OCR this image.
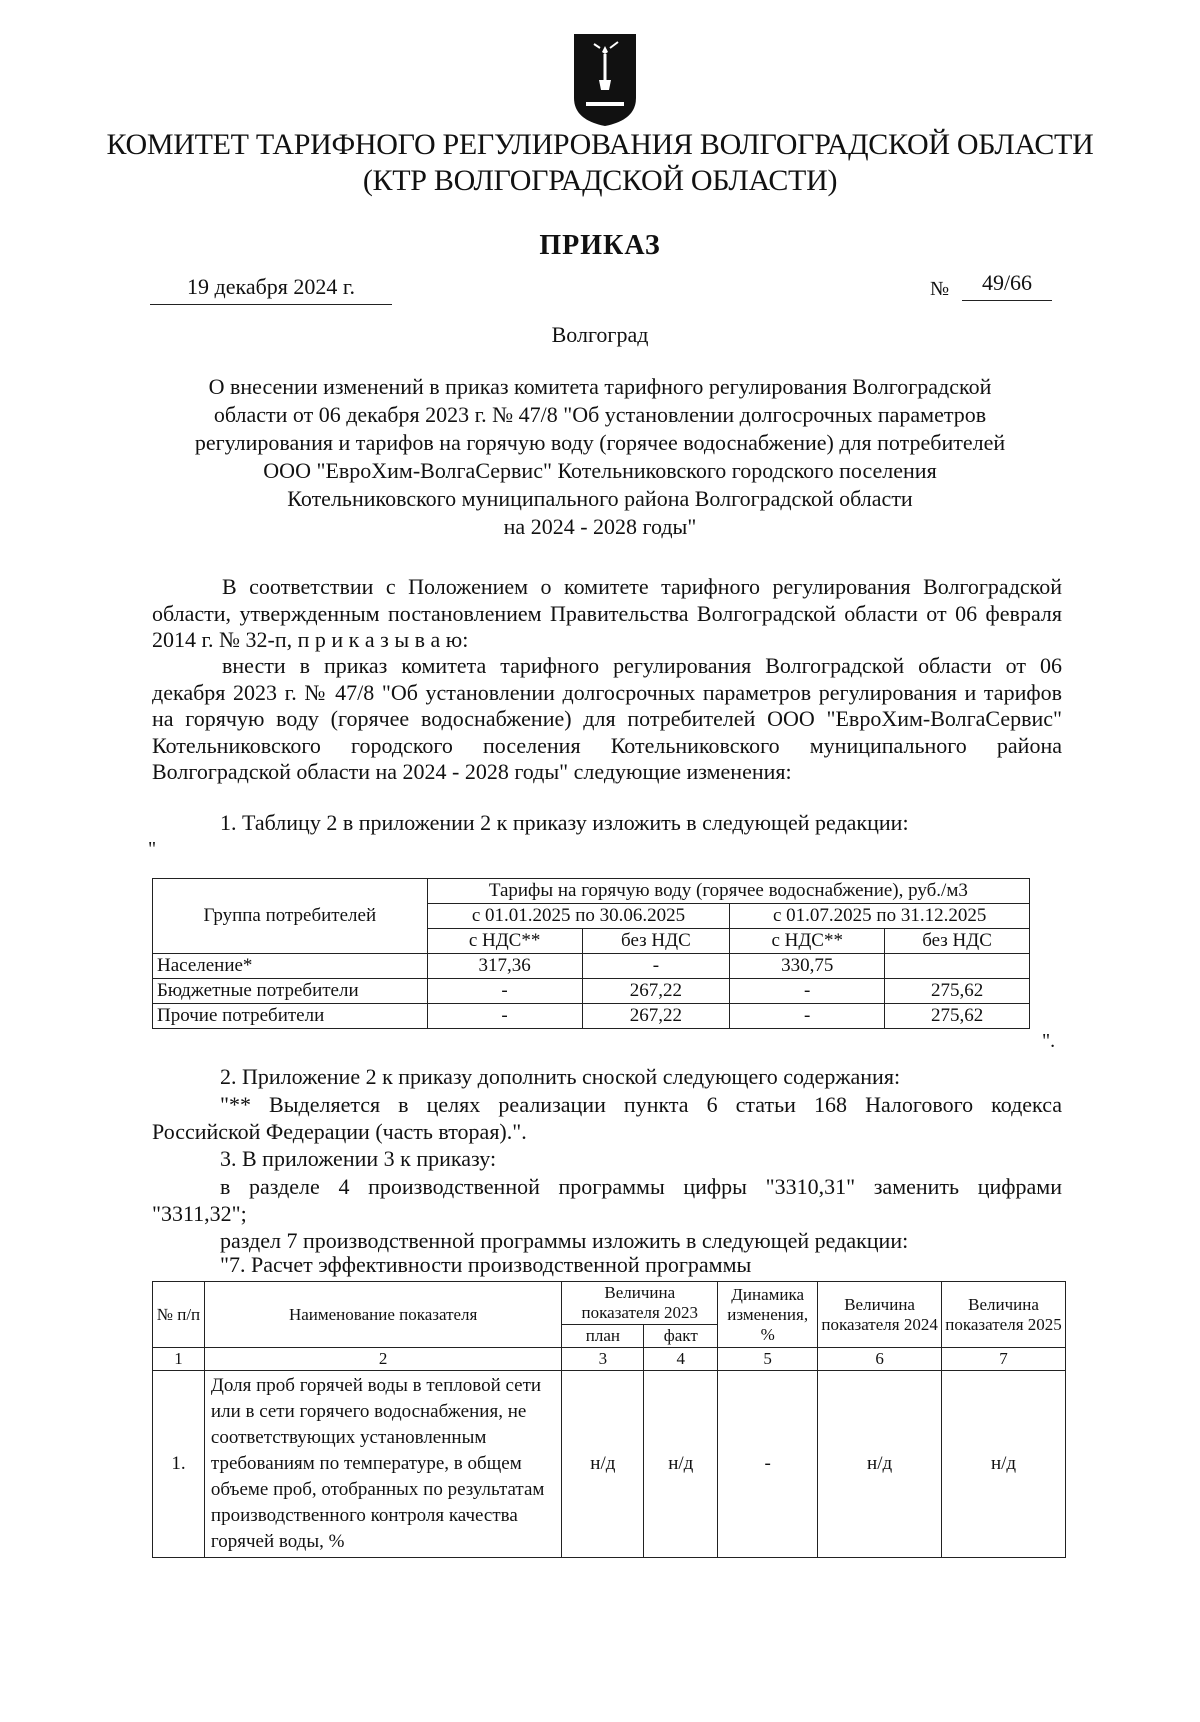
КОМИТЕТ ТАРИФНОГО РЕГУЛИРОВАНИЯ ВОЛГОГРАДСКОЙ ОБЛАСТИ
(КТР ВОЛГОГРАДСКОЙ ОБЛАСТИ)
ПРИКАЗ
19 декабря 2024 г.	№	49/66
Волгоград
О внесении изменений в приказ комитета тарифного регулирования Волгоградской
области от 06 декабря 2023 г. № 47/8 "Об установлении долгосрочных параметров
регулирования и тарифов на горячую воду (горячее водоснабжение) для потребителей
ООО "ЕвроХим-ВолгаСервис" Котельниковского городского поселения
Котельниковского муниципального района Волгоградской области
на 2024 - 2028 годы"
В соответствии с Положением о комитете тарифного регулирования Волгоградской области, утвержденным постановлением Правительства Волгоградской области от 06 февраля 2014 г. № 32-п, п р и к а з ы в а ю:
внести в приказ комитета тарифного регулирования Волгоградской области от 06 декабря 2023 г. № 47/8 "Об установлении долгосрочных параметров регулирования и тарифов на горячую воду (горячее водоснабжение) для потребителей ООО "ЕвроХим-ВолгаСервис" Котельниковского городского поселения Котельниковского муниципального района Волгоградской области на 2024 - 2028 годы" следующие изменения:
1. Таблицу 2 в приложении 2 к приказу изложить в следующей редакции:
"
Группа потребителей	Тарифы на горячую воду (горячее водоснабжение), руб./м3			
	с 01.01.2025 по 30.06.2025		с 01.07.2025 по 31.12.2025	
	с НДС**	без НДС	с НДС**	без НДС
Население*	317,36	-	330,75	
Бюджетные потребители	-	267,22	-	275,62
Прочие потребители	-	267,22	-	275,62
".
2. Приложение 2 к приказу дополнить сноской следующего содержания:
"** Выделяется в целях реализации пункта 6 статьи 168 Налогового кодекса
Российской Федерации (часть вторая).".
3. В приложении 3 к приказу:
в разделе 4 производственной программы цифры "3310,31" заменить цифрами
"3311,32";
раздел 7 производственной программы изложить в следующей редакции:
"7. Расчет эффективности производственной программы
№ п/п	Наименование показателя	Величина показателя 2023		Динамика изменения, %	Величина показателя 2024	Величина показателя 2025
		план	факт			
1	2	3	4	5	6	7
1.	Доля проб горячей воды в тепловой сети или в сети горячего водоснабжения, не соответствующих установленным требованиям по температуре, в общем объеме проб, отобранных по результатам производственного контроля качества горячей воды, %	н/д	н/д	-	н/д	н/д
